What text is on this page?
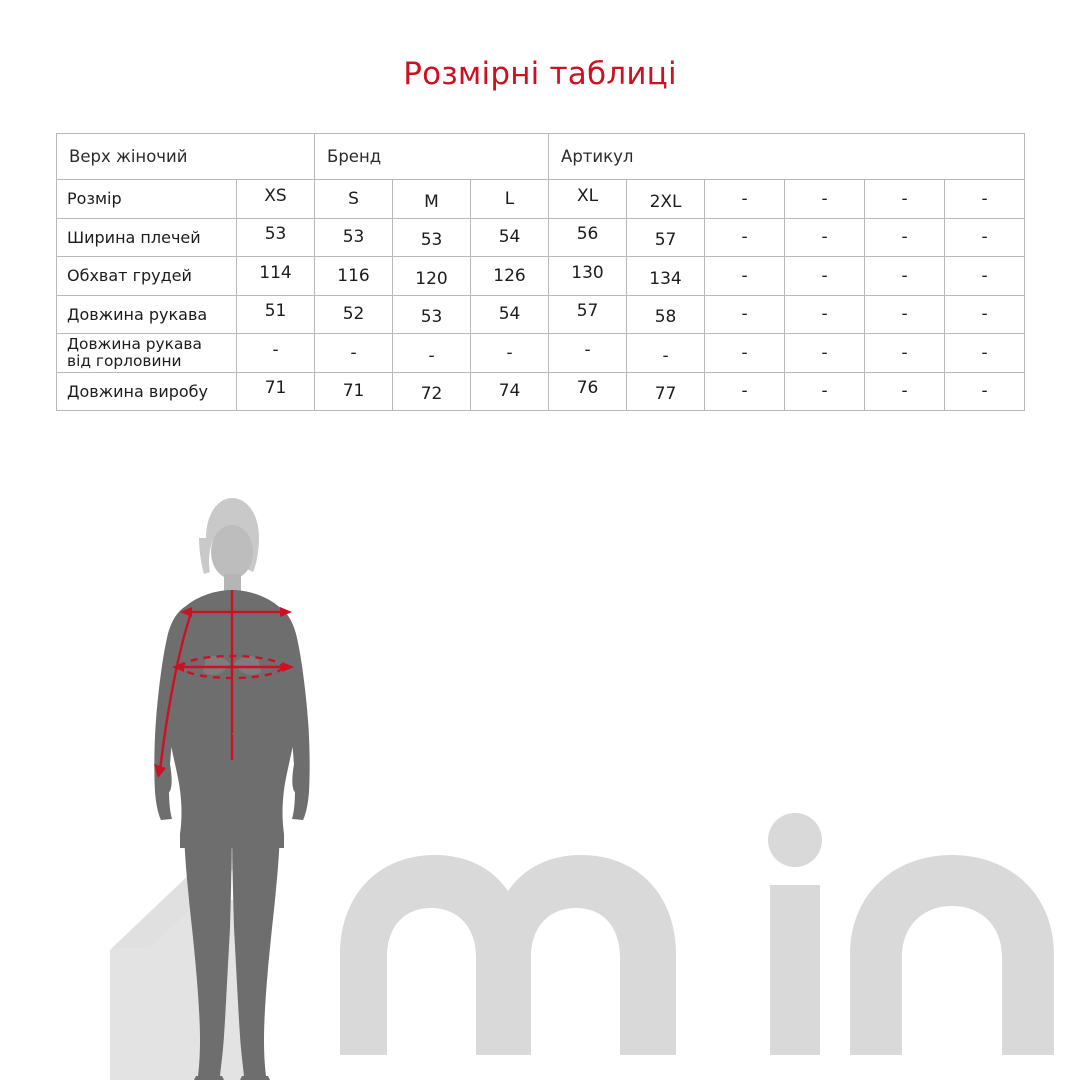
Розмірні таблиці
Верх жіночий		Бренд			Артикул					
Розмір	XS	S	M	L	XL	2XL	-	-	-	-
Ширина плечей	53	53	53	54	56	57	-	-	-	-
Обхват грудей	114	116	120	126	130	134	-	-	-	-
Довжина рукава	51	52	53	54	57	58	-	-	-	-
Довжина рукава
від горловини	-	-	-	-	-	-	-	-	-	-
Довжина виробу	71	71	72	74	76	77	-	-	-	-
